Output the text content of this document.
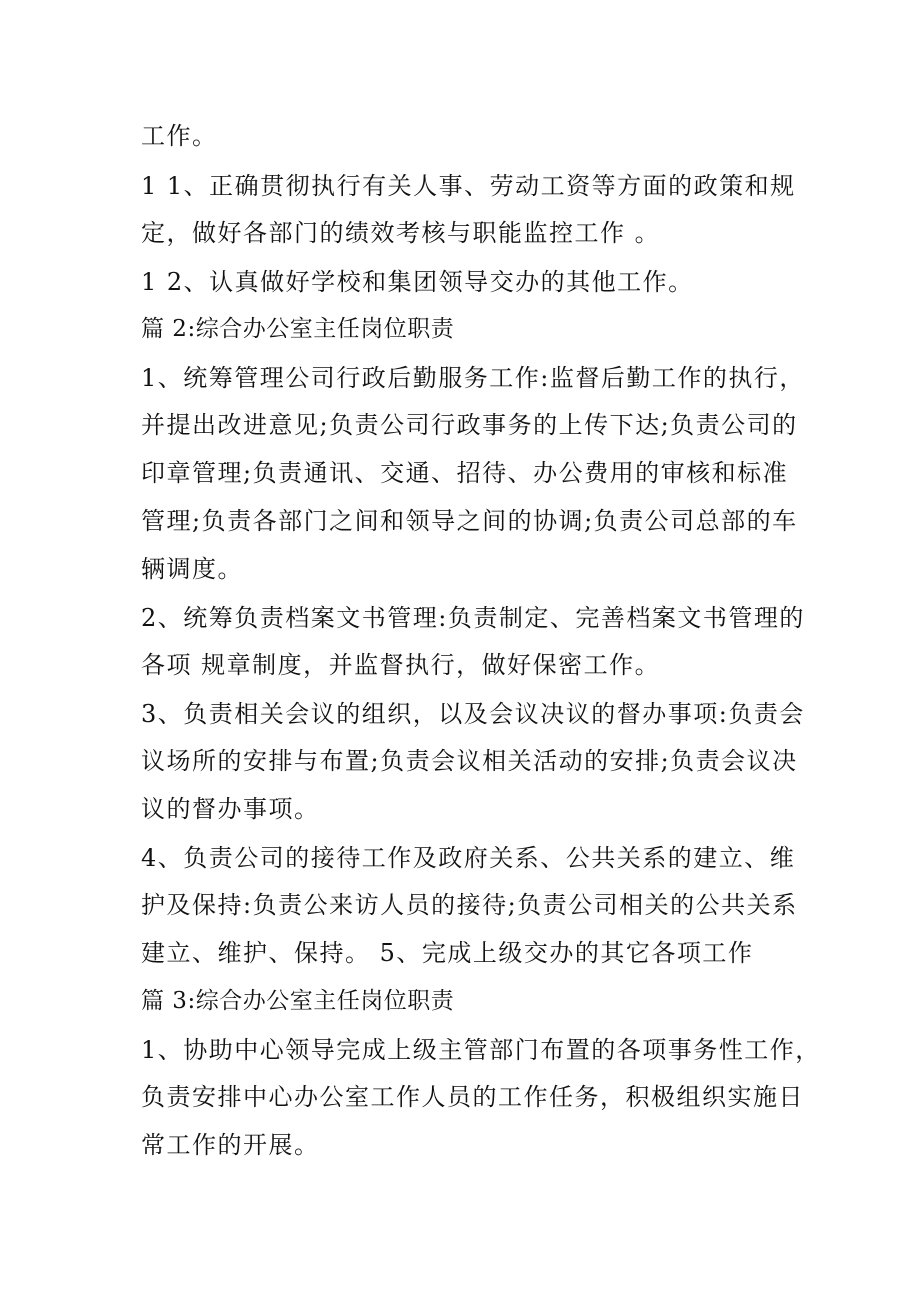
工作。

1 1、正确贯彻执行有关人事、劳动工资等方面的政策和规

定，做好各部门的绩效考核与职能监控工作 。

1 2、认真做好学校和集团领导交办的其他工作。

篇 2:综合办公室主任岗位职责

1、统筹管理公司行政后勤服务工作:监督后勤工作的执行，

并提出改进意见;负责公司行政事务的上传下达;负责公司的

印章管理;负责通讯、交通、招待、办公费用的审核和标准

管理;负责各部门之间和领导之间的协调;负责公司总部的车

辆调度。

2、统筹负责档案文书管理:负责制定、完善档案文书管理的

各项 规章制度，并监督执行，做好保密工作。

3、负责相关会议的组织，以及会议决议的督办事项:负责会

议场所的安排与布置;负责会议相关活动的安排;负责会议决

议的督办事项。

4、负责公司的接待工作及政府关系、公共关系的建立、维

护及保持:负责公来访人员的接待;负责公司相关的公共关系

建立、维护、保持。 5、完成上级交办的其它各项工作

篇 3:综合办公室主任岗位职责

1、协助中心领导完成上级主管部门布置的各项事务性工作，

负责安排中心办公室工作人员的工作任务，积极组织实施日

常工作的开展。
